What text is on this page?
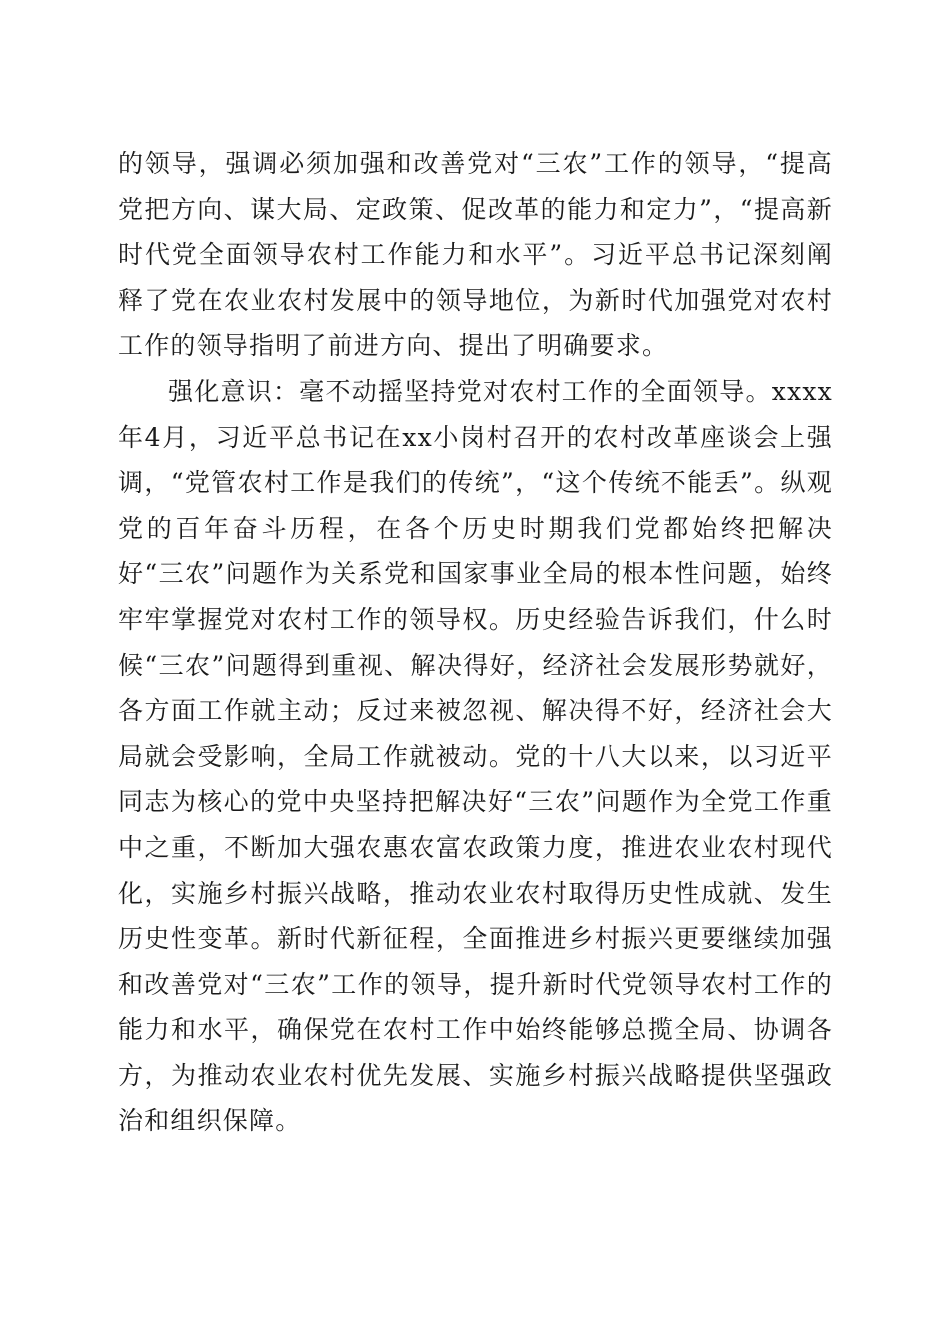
的领导，强调必须加强和改善党对“三农”工作的领导，“提高党把方向、谋大局、定政策、促改革的能力和定力”，“提高新时代党全面领导农村工作能力和水平”。习近平总书记深刻阐释了党在农业农村发展中的领导地位，为新时代加强党对农村工作的领导指明了前进方向、提出了明确要求。

强化意识：毫不动摇坚持党对农村工作的全面领导。xxxx年4月，习近平总书记在xx小岗村召开的农村改革座谈会上强调，“党管农村工作是我们的传统”，“这个传统不能丢”。纵观党的百年奋斗历程，在各个历史时期我们党都始终把解决好“三农”问题作为关系党和国家事业全局的根本性问题，始终牢牢掌握党对农村工作的领导权。历史经验告诉我们，什么时候“三农”问题得到重视、解决得好，经济社会发展形势就好，各方面工作就主动；反过来被忽视、解决得不好，经济社会大局就会受影响，全局工作就被动。党的十八大以来，以习近平同志为核心的党中央坚持把解决好“三农”问题作为全党工作重中之重，不断加大强农惠农富农政策力度，推进农业农村现代化，实施乡村振兴战略，推动农业农村取得历史性成就、发生历史性变革。新时代新征程，全面推进乡村振兴更要继续加强和改善党对“三农”工作的领导，提升新时代党领导农村工作的能力和水平，确保党在农村工作中始终能够总揽全局、协调各方，为推动农业农村优先发展、实施乡村振兴战略提供坚强政治和组织保障。
